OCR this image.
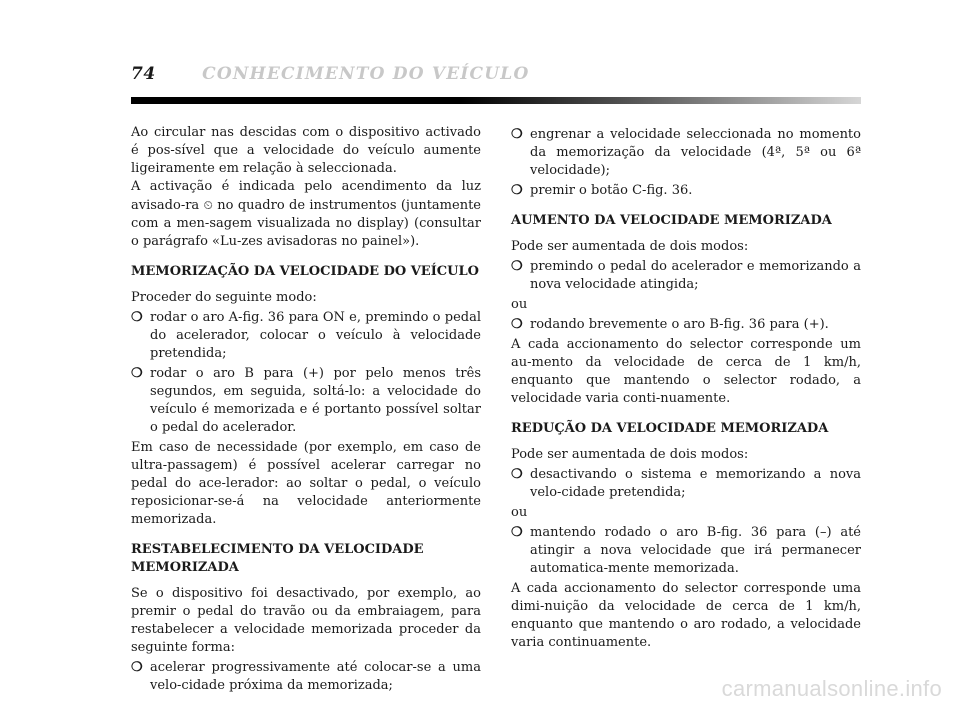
74	CONHECIMENTO DO VEÍCULO

Ao circular nas descidas com o dispositivo activado é pos-sível que a velocidade do veículo aumente ligeiramente em relação à seleccionada.

A activação é indicada pelo acendimento da luz avisado-ra ⏲ no quadro de instrumentos (juntamente com a men-sagem visualizada no display) (consultar o parágrafo «Lu-zes avisadoras no painel»).

MEMORIZAÇÃO DA VELOCIDADE DO VEÍCULO

Proceder do seguinte modo:

❍ rodar o aro A-fig. 36 para ON e, premindo o pedal do acelerador, colocar o veículo à velocidade pretendida;
❍ rodar o aro B para (+) por pelo menos três segundos, em seguida, soltá-lo: a velocidade do veículo é memorizada e é portanto possível soltar o pedal do acelerador.

Em caso de necessidade (por exemplo, em caso de ultra-passagem) é possível acelerar carregar no pedal do ace-lerador: ao soltar o pedal, o veículo reposicionar-se-á na velocidade anteriormente memorizada.

RESTABELECIMENTO DA VELOCIDADE MEMORIZADA

Se o dispositivo foi desactivado, por exemplo, ao premir o pedal do travão ou da embraiagem, para restabelecer a velocidade memorizada proceder da seguinte forma:

❍ acelerar progressivamente até colocar-se a uma velo-cidade próxima da memorizada;
❍ engrenar a velocidade seleccionada no momento da memorização da velocidade (4ª, 5ª ou 6ª velocidade);
❍ premir o botão C-fig. 36.
AUMENTO DA VELOCIDADE MEMORIZADA

Pode ser aumentada de dois modos:

❍ premindo o pedal do acelerador e memorizando a nova velocidade atingida;

ou

❍ rodando brevemente o aro B-fig. 36 para (+).

A cada accionamento do selector corresponde um au-mento da velocidade de cerca de 1 km/h, enquanto que mantendo o selector rodado, a velocidade varia conti-nuamente.

REDUÇÃO DA VELOCIDADE MEMORIZADA

Pode ser aumentada de dois modos:

❍ desactivando o sistema e memorizando a nova velo-cidade pretendida;

ou

❍ mantendo rodado o aro B-fig. 36 para (–) até atingir a nova velocidade que irá permanecer automatica-mente memorizada.

A cada accionamento do selector corresponde uma dimi-nuição da velocidade de cerca de 1 km/h, enquanto que mantendo o aro rodado, a velocidade varia continuamente.

carmanualsonline.info
